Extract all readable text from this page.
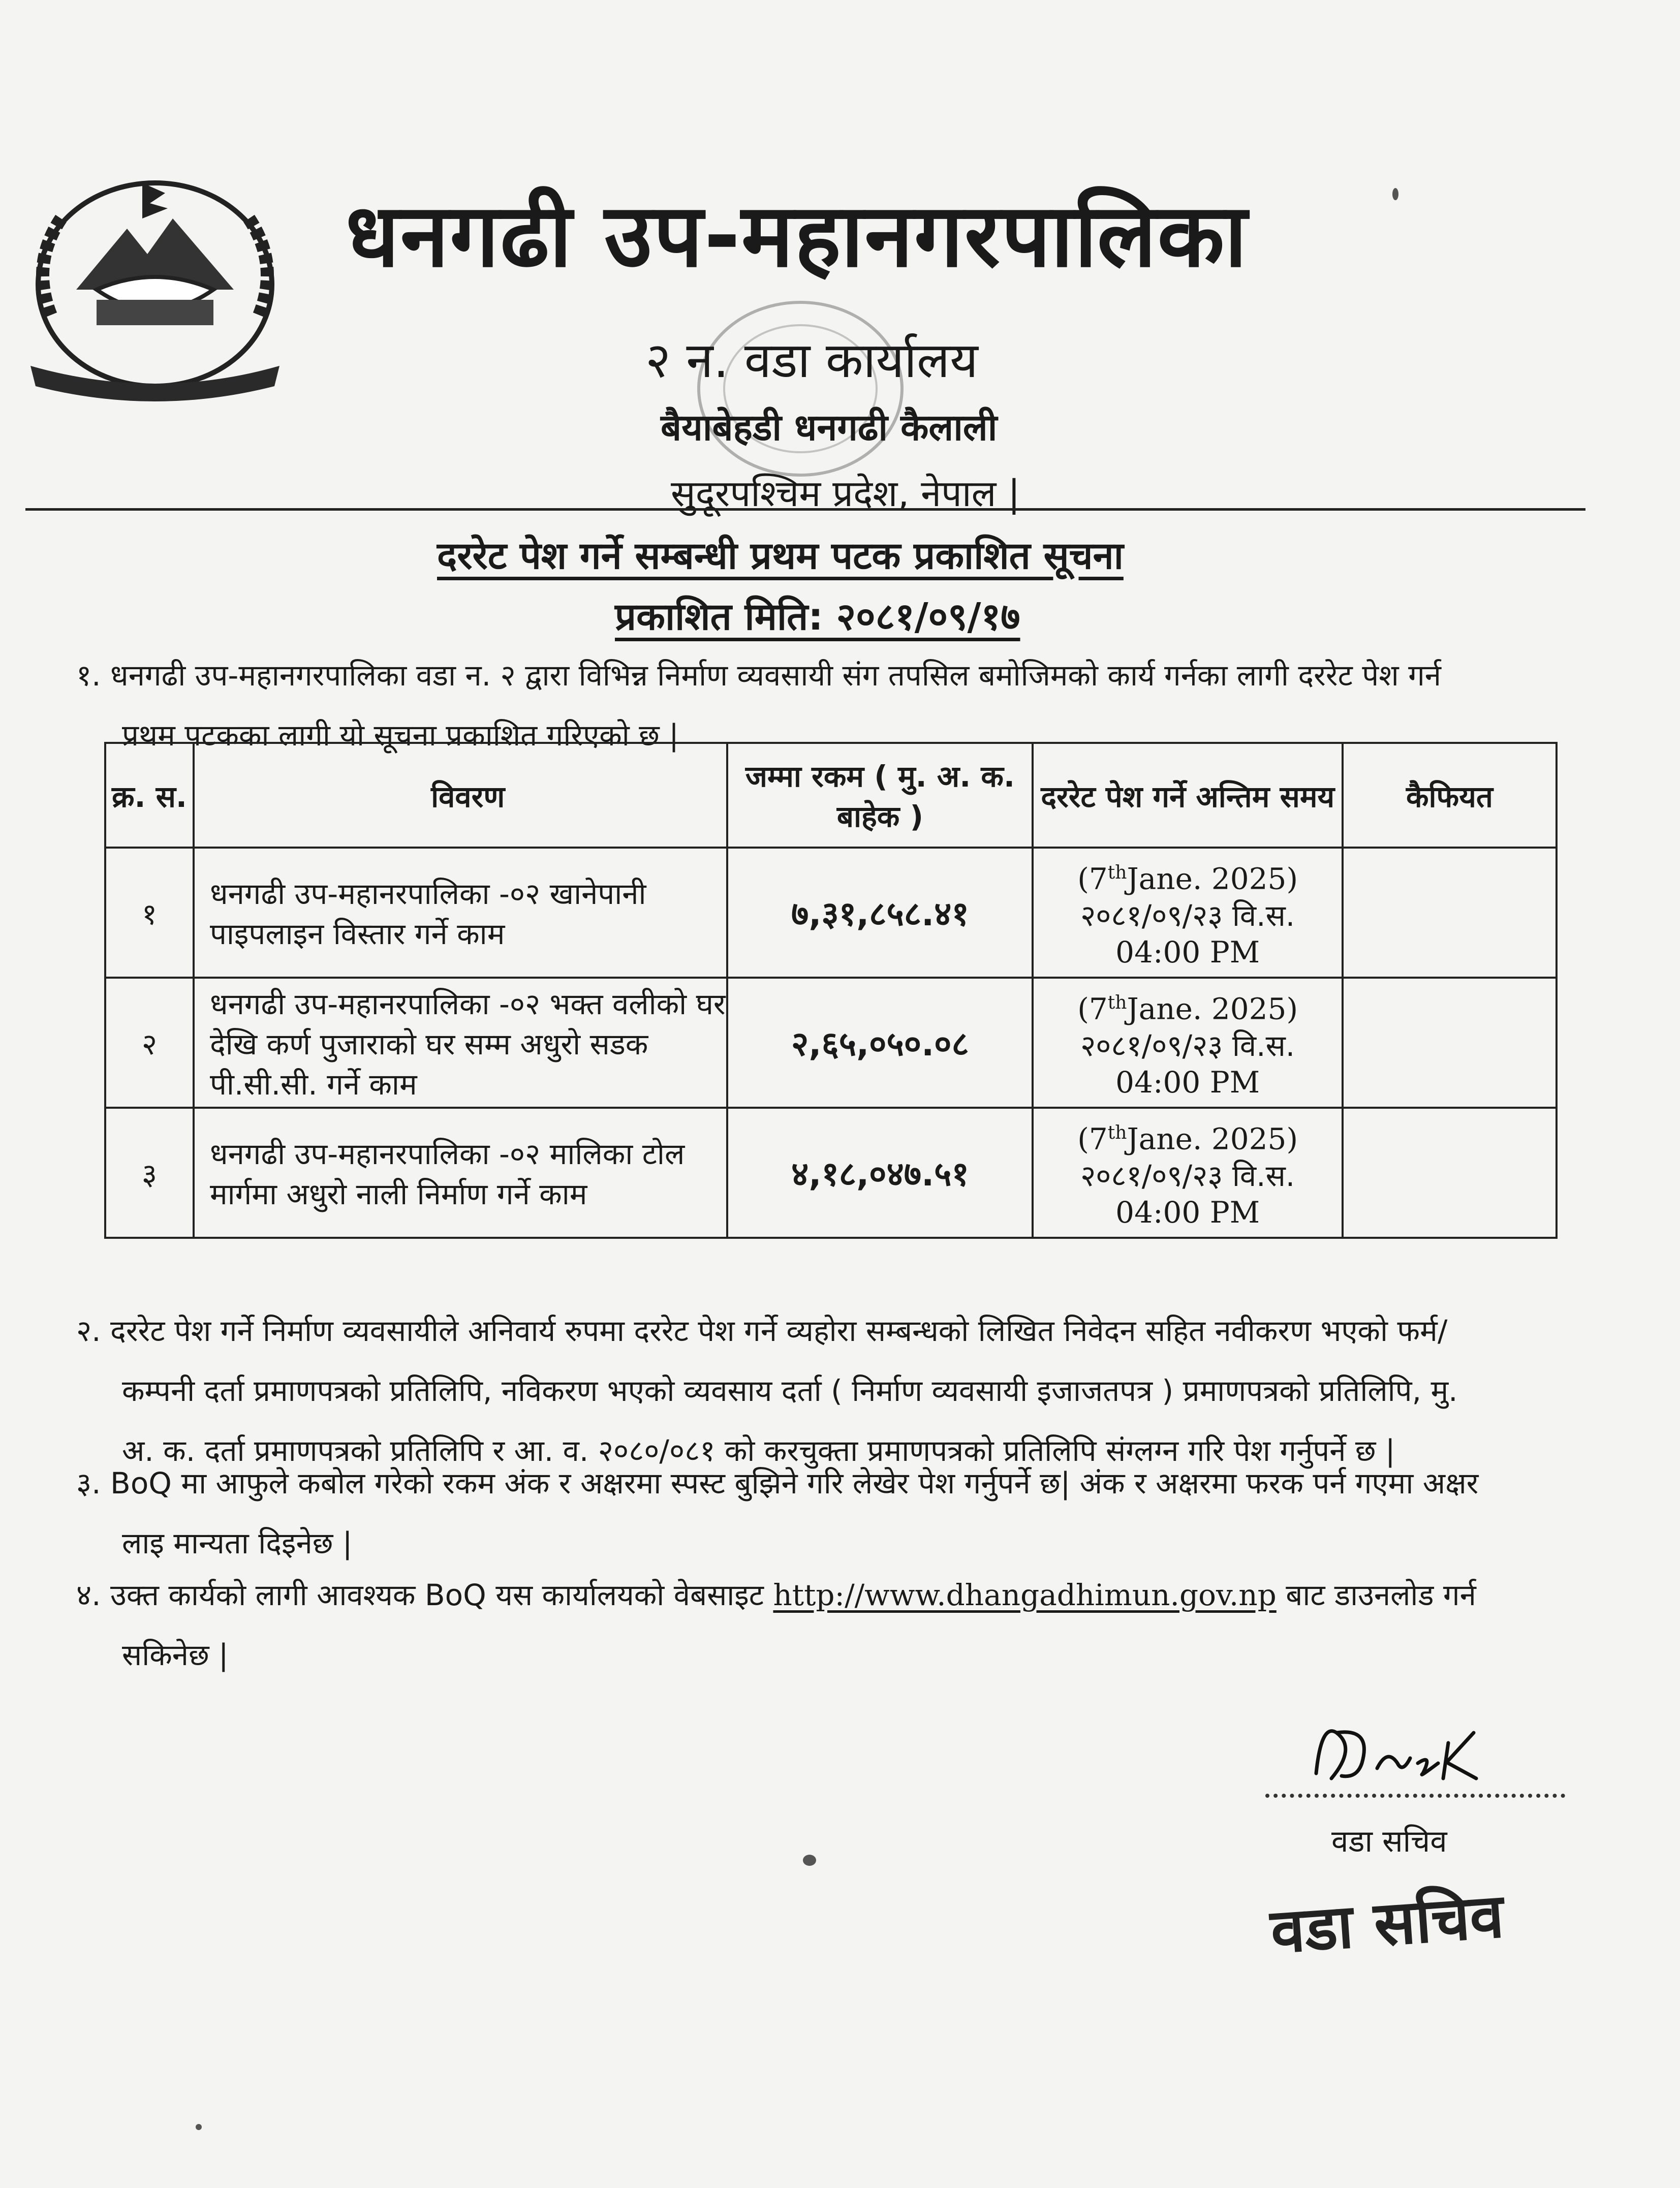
धनगढी उप-महानगरपालिका
२ न. वडा कार्यालय
बैयाबेहडी धनगढी कैलाली
सुदूरपश्चिम प्रदेश, नेपाल |
दररेट पेश गर्ने सम्बन्धी प्रथम पटक प्रकाशित सूचना
प्रकाशित मिति: २०८१/०९/१७
१. धनगढी उप-महानगरपालिका वडा न. २ द्वारा विभिन्न निर्माण व्यवसायी संग तपसिल बमोजिमको कार्य गर्नका लागी दररेट पेश गर्न
प्रथम पटकका लागी यो सूचना प्रकाशित गरिएको छ |
क्र. स.	विवरण	जम्मा रकम ( मु. अ. क. बाहेक )	दररेट पेश गर्ने अन्तिम समय	कैफियत
१	धनगढी उप-महानरपालिका -०२ खानेपानी पाइपलाइन विस्तार गर्ने काम	७,३१,८५८.४१	(7thJane. 2025)
२०८१/०९/२३ वि.स.
04:00 PM	

२	धनगढी उप-महानरपालिका -०२ भक्त वलीको घर देखि कर्ण पुजाराको घर सम्म अधुरो सडक पी.सी.सी. गर्ने काम	२,६५,०५०.०८	(7thJane. 2025)
२०८१/०९/२३ वि.स.
04:00 PM	

३	धनगढी उप-महानरपालिका -०२ मालिका टोल मार्गमा अधुरो नाली निर्माण गर्ने काम	४,१८,०४७.५१	(7thJane. 2025)
२०८१/०९/२३ वि.स.
04:00 PM	

२. दररेट पेश गर्ने निर्माण व्यवसायीले अनिवार्य रुपमा दररेट पेश गर्ने व्यहोरा सम्बन्धको लिखित निवेदन सहित नवीकरण भएको फर्म/
कम्पनी दर्ता प्रमाणपत्रको प्रतिलिपि, नविकरण भएको व्यवसाय दर्ता ( निर्माण व्यवसायी इजाजतपत्र ) प्रमाणपत्रको प्रतिलिपि, मु.
अ. क. दर्ता प्रमाणपत्रको प्रतिलिपि र आ. व. २०८०/०८१ को करचुक्ता प्रमाणपत्रको प्रतिलिपि संग्लग्न गरि पेश गर्नुपर्ने छ |
३. BoQ मा आफुले कबोल गरेको रकम अंक र अक्षरमा स्पस्ट बुझिने गरि लेखेर पेश गर्नुपर्ने छ| अंक र अक्षरमा फरक पर्न गएमा अक्षर
लाइ मान्यता दिइनेछ |
४. उक्त कार्यको लागी आवश्यक BoQ यस कार्यालयको वेबसाइट http://www.dhangadhimun.gov.np बाट डाउनलोड गर्न
सकिनेछ |
वडा सचिव
वडा सचिव
